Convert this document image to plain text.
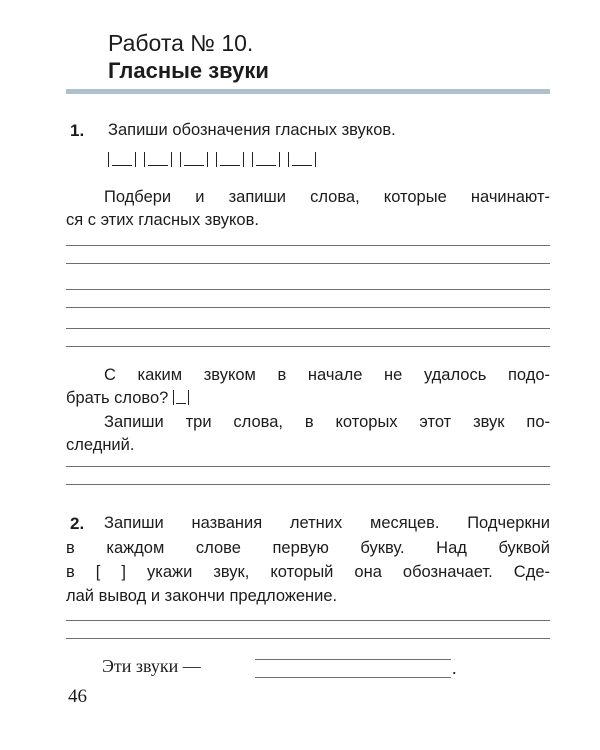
Работа № 10.
Гласные звуки
1. Запиши обозначения гласных звуков.
Подбери и запиши слова, которые начинают-
ся с этих гласных звуков.
С каким звуком в начале не удалось подо-
брать слово?
Запиши три слова, в которых этот звук по-
следний.
2. Запиши названия летних месяцев. Подчеркни
в каждом слове первую букву. Над буквой
в [ ] укажи звук, который она обозначает. Сде-
лай вывод и закончи предложение.
Эти звуки —	.
46
